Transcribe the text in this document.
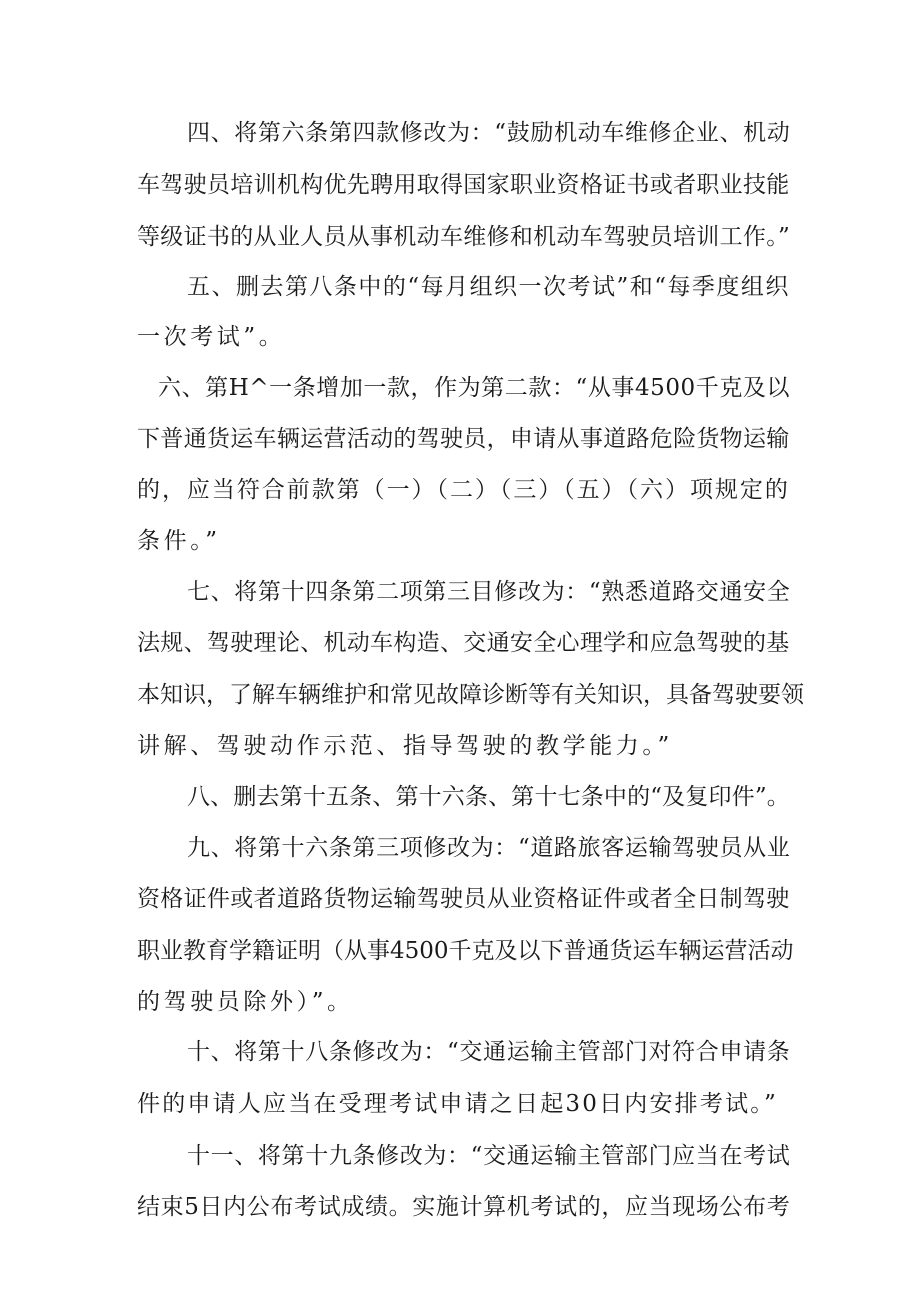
四、将第六条第四款修改为：“鼓励机动车维修企业、机动
车驾驶员培训机构优先聘用取得国家职业资格证书或者职业技能
等级证书的从业人员从事机动车维修和机动车驾驶员培训工作。”
五、删去第八条中的“每月组织一次考试”和“每季度组织
一次考试”。
六、第H^一条增加一款，作为第二款：“从事4500千克及以
下普通货运车辆运营活动的驾驶员，申请从事道路危险货物运输
的，应当符合前款第（一）（二）（三）（五）（六）项规定的
条件。”
七、将第十四条第二项第三目修改为：“熟悉道路交通安全
法规、驾驶理论、机动车构造、交通安全心理学和应急驾驶的基
本知识，了解车辆维护和常见故障诊断等有关知识，具备驾驶要领
讲解、驾驶动作示范、指导驾驶的教学能力。”
八、删去第十五条、第十六条、第十七条中的“及复印件”。
九、将第十六条第三项修改为：“道路旅客运输驾驶员从业
资格证件或者道路货物运输驾驶员从业资格证件或者全日制驾驶
职业教育学籍证明（从事4500千克及以下普通货运车辆运营活动
的驾驶员除外）”。
十、将第十八条修改为：“交通运输主管部门对符合申请条
件的申请人应当在受理考试申请之日起30日内安排考试。”
十一、将第十九条修改为：“交通运输主管部门应当在考试
结束5日内公布考试成绩。实施计算机考试的，应当现场公布考
